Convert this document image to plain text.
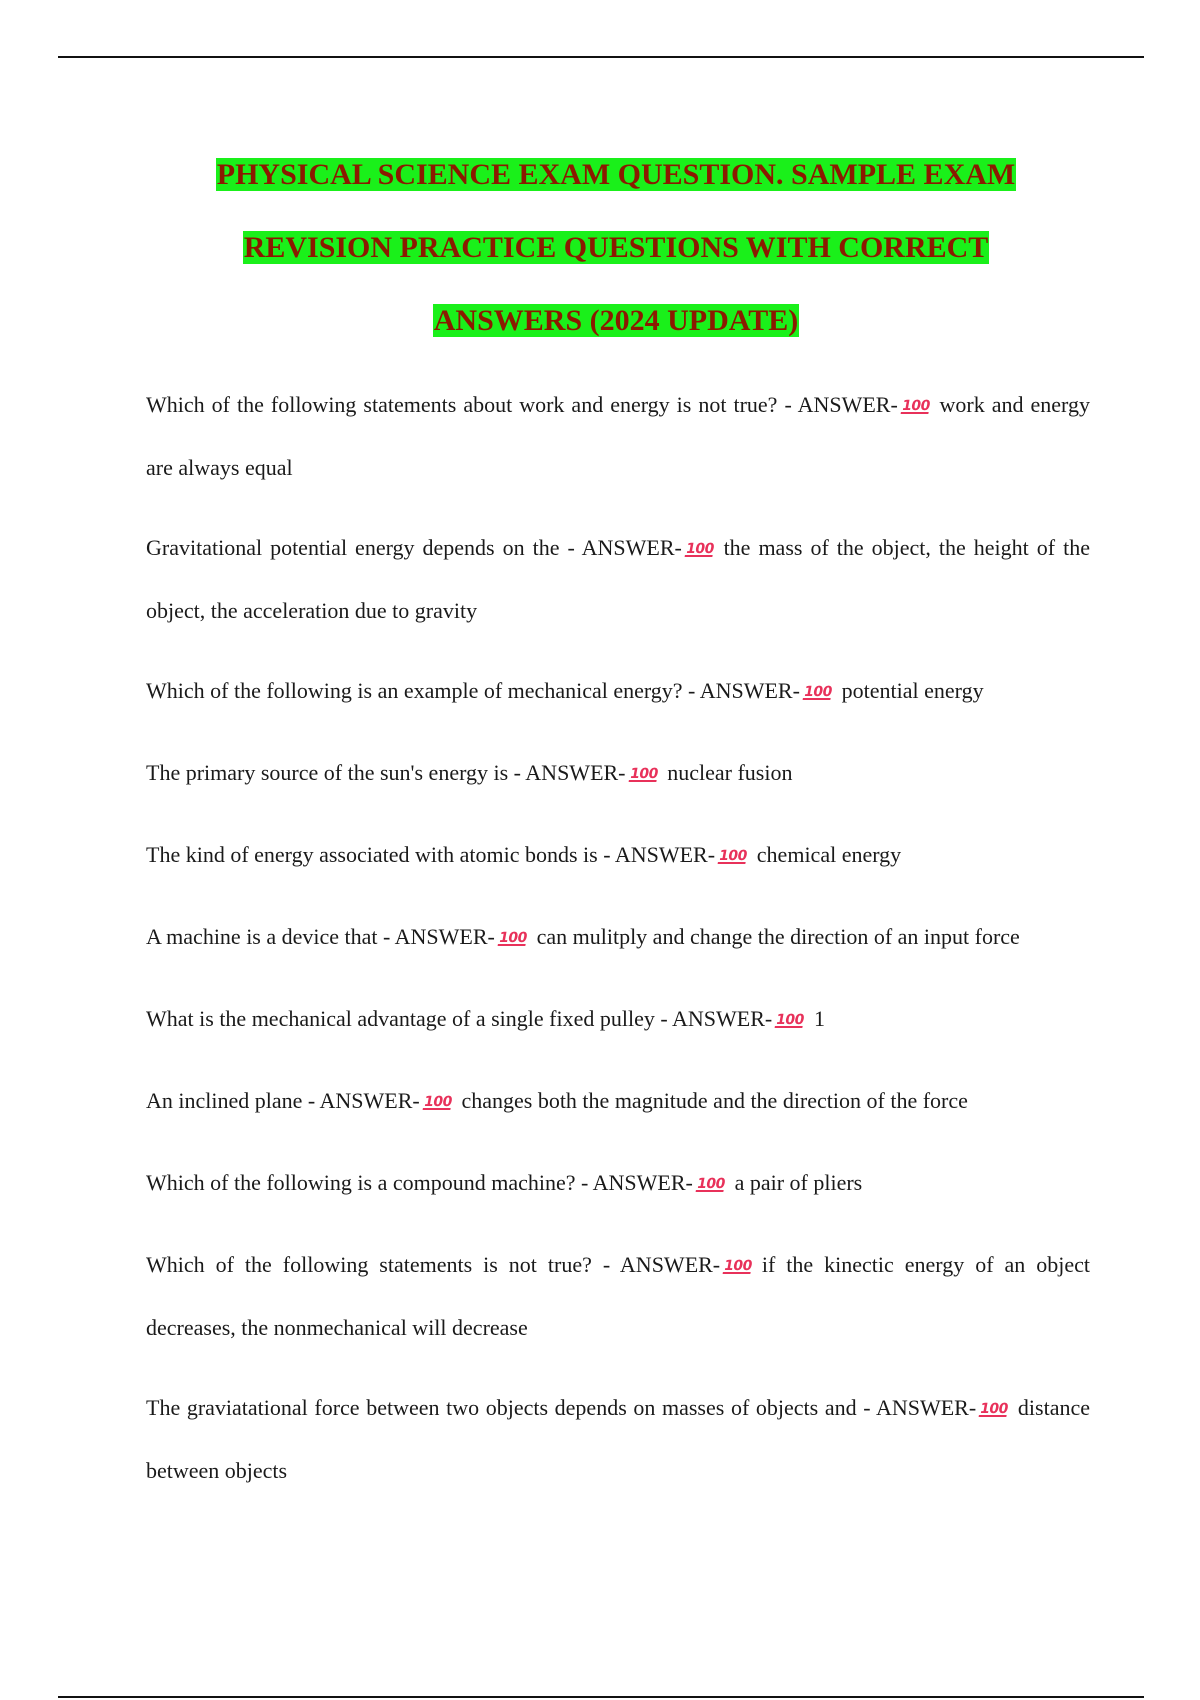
PHYSICAL SCIENCE EXAM QUESTION. SAMPLE EXAM
REVISION PRACTICE QUESTIONS WITH CORRECT
ANSWERS (2024 UPDATE)

Which of the following statements about work and energy is not true? - ANSWER- 100 work and energy are always equal

Gravitational potential energy depends on the - ANSWER- 100 the mass of the object, the height of the object, the acceleration due to gravity

Which of the following is an example of mechanical energy? - ANSWER- 100 potential energy

The primary source of the sun's energy is - ANSWER- 100 nuclear fusion

The kind of energy associated with atomic bonds is - ANSWER- 100 chemical energy

A machine is a device that - ANSWER- 100 can mulitply and change the direction of an input force

What is the mechanical advantage of a single fixed pulley - ANSWER- 100 1

An inclined plane - ANSWER- 100 changes both the magnitude and the direction of the force

Which of the following is a compound machine? - ANSWER- 100 a pair of pliers

Which of the following statements is not true? - ANSWER- 100 if the kinectic energy of an object decreases, the nonmechanical will decrease

The graviatational force between two objects depends on masses of objects and - ANSWER- 100 distance between objects
